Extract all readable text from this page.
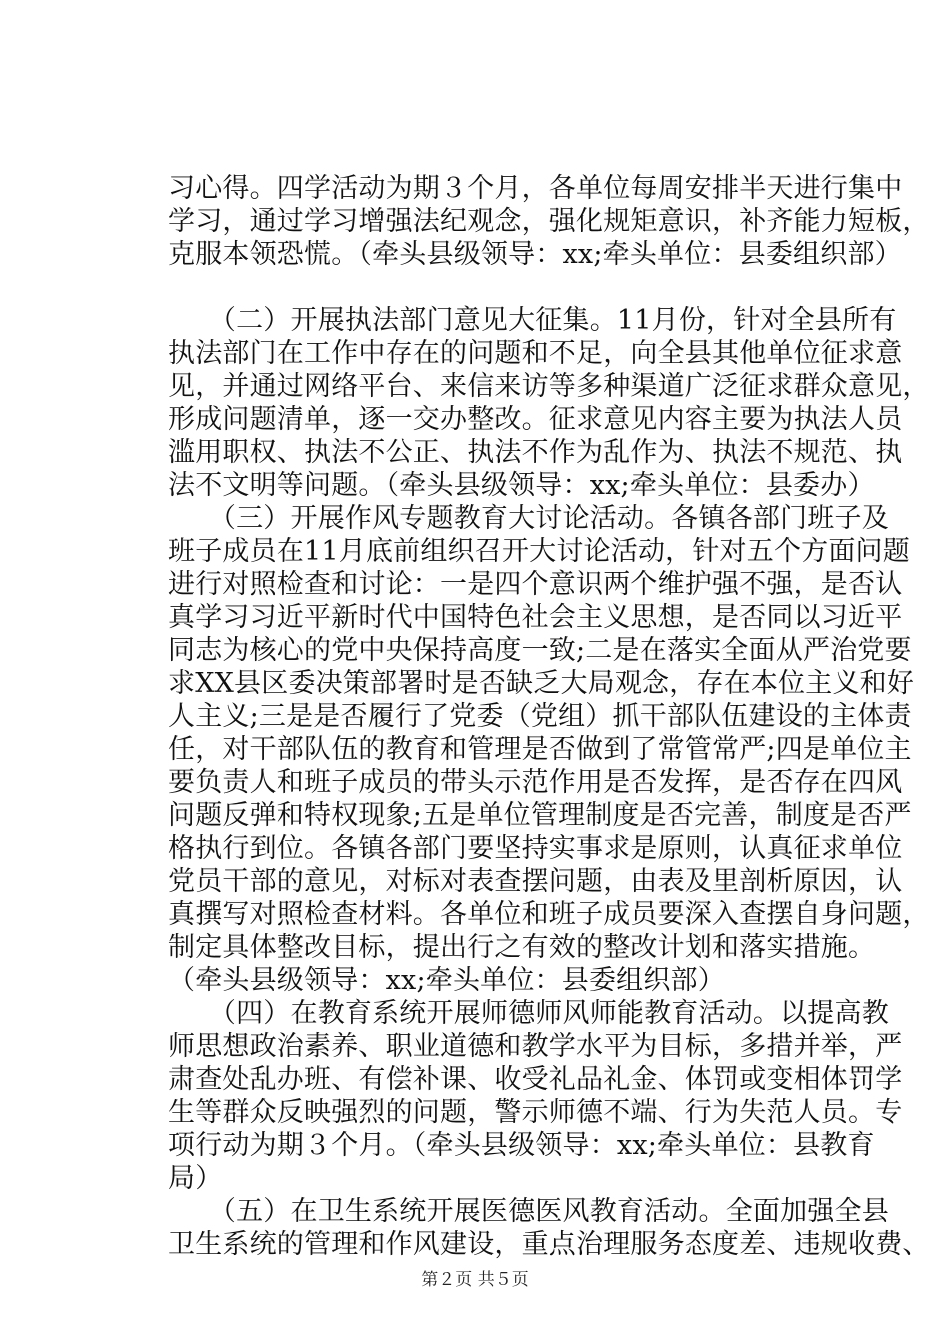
习心得。四学活动为期３个月，各单位每周安排半天进行集中
学习，通过学习增强法纪观念，强化规矩意识，补齐能力短板，
克服本领恐慌。（牵头县级领导：xx;牵头单位：县委组织部）
　　（二）开展执法部门意见大征集。11月份，针对全县所有
执法部门在工作中存在的问题和不足，向全县其他单位征求意
见，并通过网络平台、来信来访等多种渠道广泛征求群众意见，
形成问题清单，逐一交办整改。征求意见内容主要为执法人员
滥用职权、执法不公正、执法不作为乱作为、执法不规范、执
法不文明等问题。（牵头县级领导：xx;牵头单位：县委办）
　　（三）开展作风专题教育大讨论活动。各镇各部门班子及
班子成员在11月底前组织召开大讨论活动，针对五个方面问题
进行对照检查和讨论：一是四个意识两个维护强不强，是否认
真学习习近平新时代中国特色社会主义思想，是否同以习近平
同志为核心的党中央保持高度一致;二是在落实全面从严治党要
求XX县区委决策部署时是否缺乏大局观念，存在本位主义和好
人主义;三是是否履行了党委（党组）抓干部队伍建设的主体责
任，对干部队伍的教育和管理是否做到了常管常严;四是单位主
要负责人和班子成员的带头示范作用是否发挥，是否存在四风
问题反弹和特权现象;五是单位管理制度是否完善，制度是否严
格执行到位。各镇各部门要坚持实事求是原则，认真征求单位
党员干部的意见，对标对表查摆问题，由表及里剖析原因，认
真撰写对照检查材料。各单位和班子成员要深入查摆自身问题，
制定具体整改目标，提出行之有效的整改计划和落实措施。
（牵头县级领导：xx;牵头单位：县委组织部）
　　（四）在教育系统开展师德师风师能教育活动。以提高教
师思想政治素养、职业道德和教学水平为目标，多措并举，严
肃查处乱办班、有偿补课、收受礼品礼金、体罚或变相体罚学
生等群众反映强烈的问题，警示师德不端、行为失范人员。专
项行动为期３个月。（牵头县级领导：xx;牵头单位：县教育
局）
　　（五）在卫生系统开展医德医风教育活动。全面加强全县
卫生系统的管理和作风建设，重点治理服务态度差、违规收费、
第２页 共５页
